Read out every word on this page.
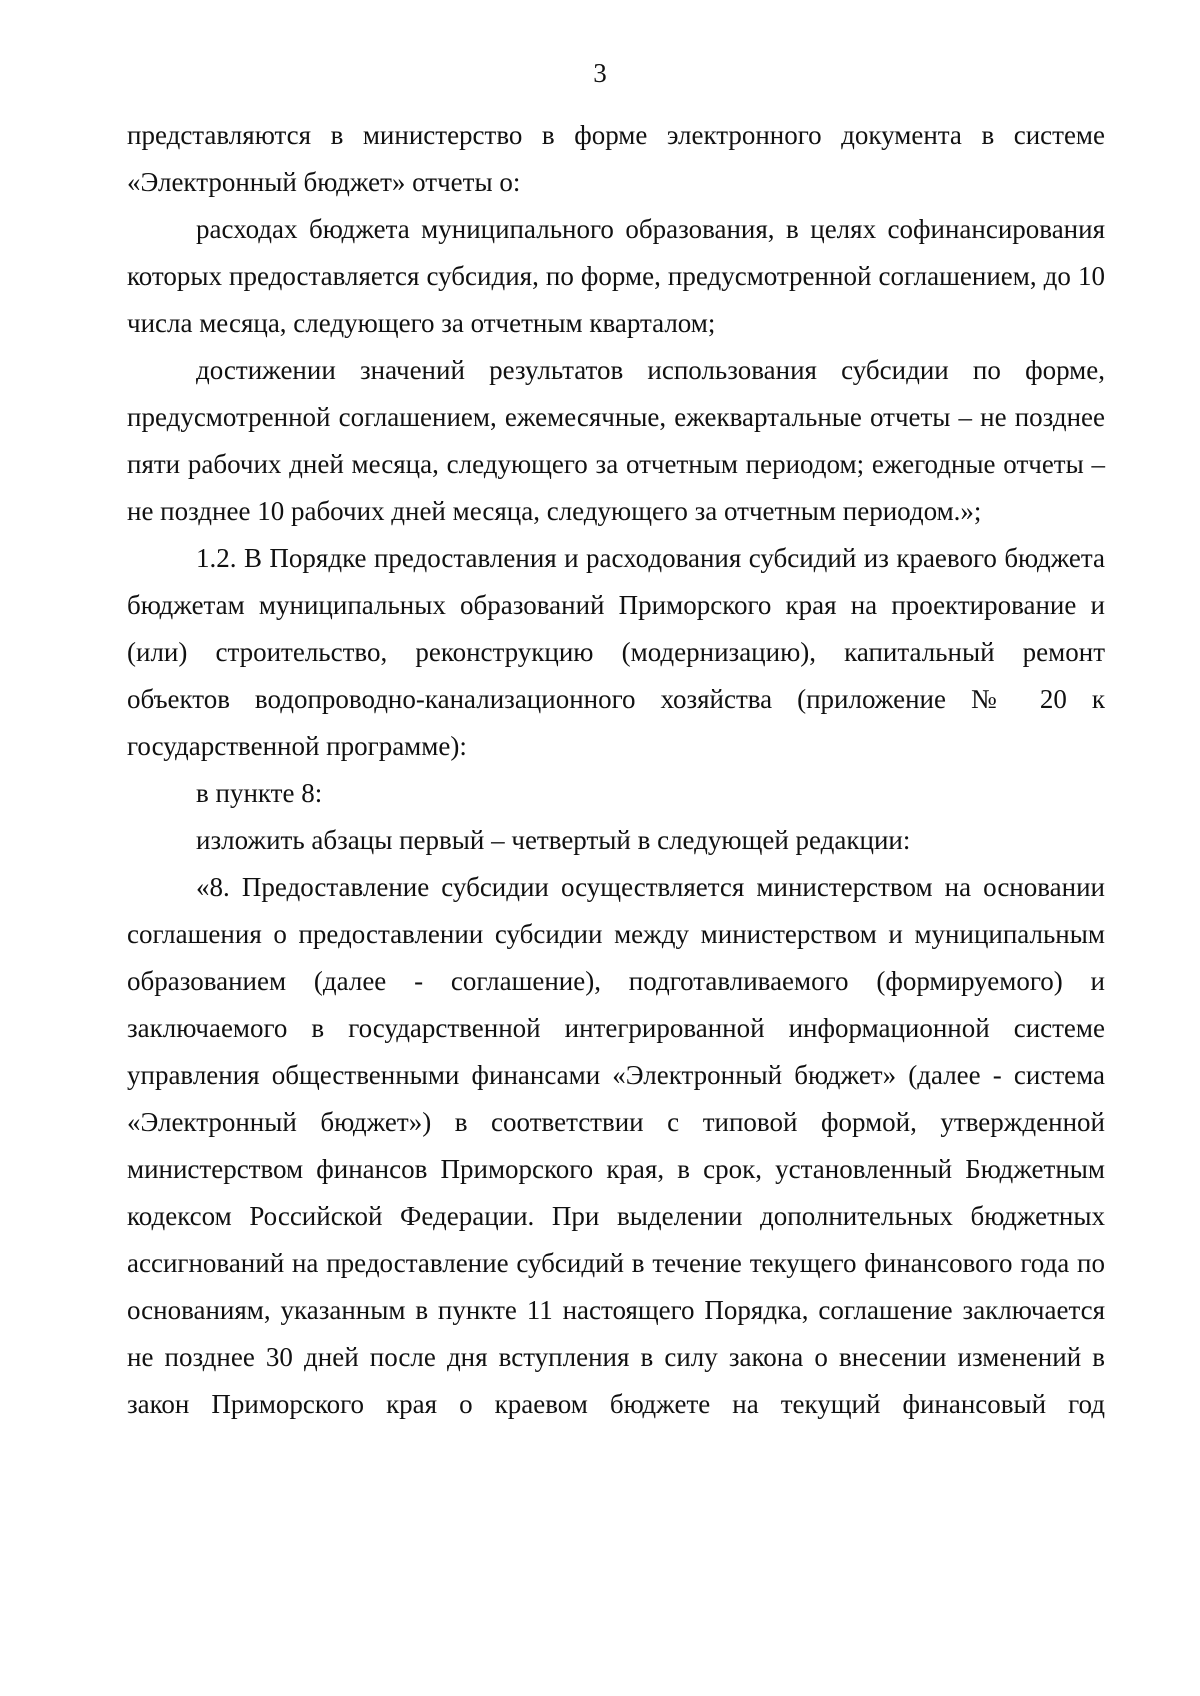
3

представляются в министерство в форме электронного документа в системе «Электронный бюджет» отчеты о:

расходах бюджета муниципального образования, в целях софинансирования которых предоставляется субсидия, по форме, предусмотренной соглашением, до 10 числа месяца, следующего за отчетным кварталом;

достижении значений результатов использования субсидии по форме, предусмотренной соглашением, ежемесячные, ежеквартальные отчеты – не позднее пяти рабочих дней месяца, следующего за отчетным периодом; ежегодные отчеты – не позднее 10 рабочих дней месяца, следующего за отчетным периодом.»;

1.2. В Порядке предоставления и расходования субсидий из краевого бюджета бюджетам муниципальных образований Приморского края на проектирование и (или) строительство, реконструкцию (модернизацию), капитальный ремонт объектов водопроводно-канализационного хозяйства (приложение № 20 к государственной программе):

в пункте 8:

изложить абзацы первый – четвертый в следующей редакции:

«8. Предоставление субсидии осуществляется министерством на основании соглашения о предоставлении субсидии между министерством и муниципальным образованием (далее - соглашение), подготавливаемого (формируемого) и заключаемого в государственной интегрированной информационной системе управления общественными финансами «Электронный бюджет» (далее - система «Электронный бюджет») в соответствии с типовой формой, утвержденной министерством финансов Приморского края, в срок, установленный Бюджетным кодексом Российской Федерации. При выделении дополнительных бюджетных ассигнований на предоставление субсидий в течение текущего финансового года по основаниям, указанным в пункте 11 настоящего Порядка, соглашение заключается не позднее 30 дней после дня вступления в силу закона о внесении изменений в закон Приморского края о краевом бюджете на текущий финансовый год
